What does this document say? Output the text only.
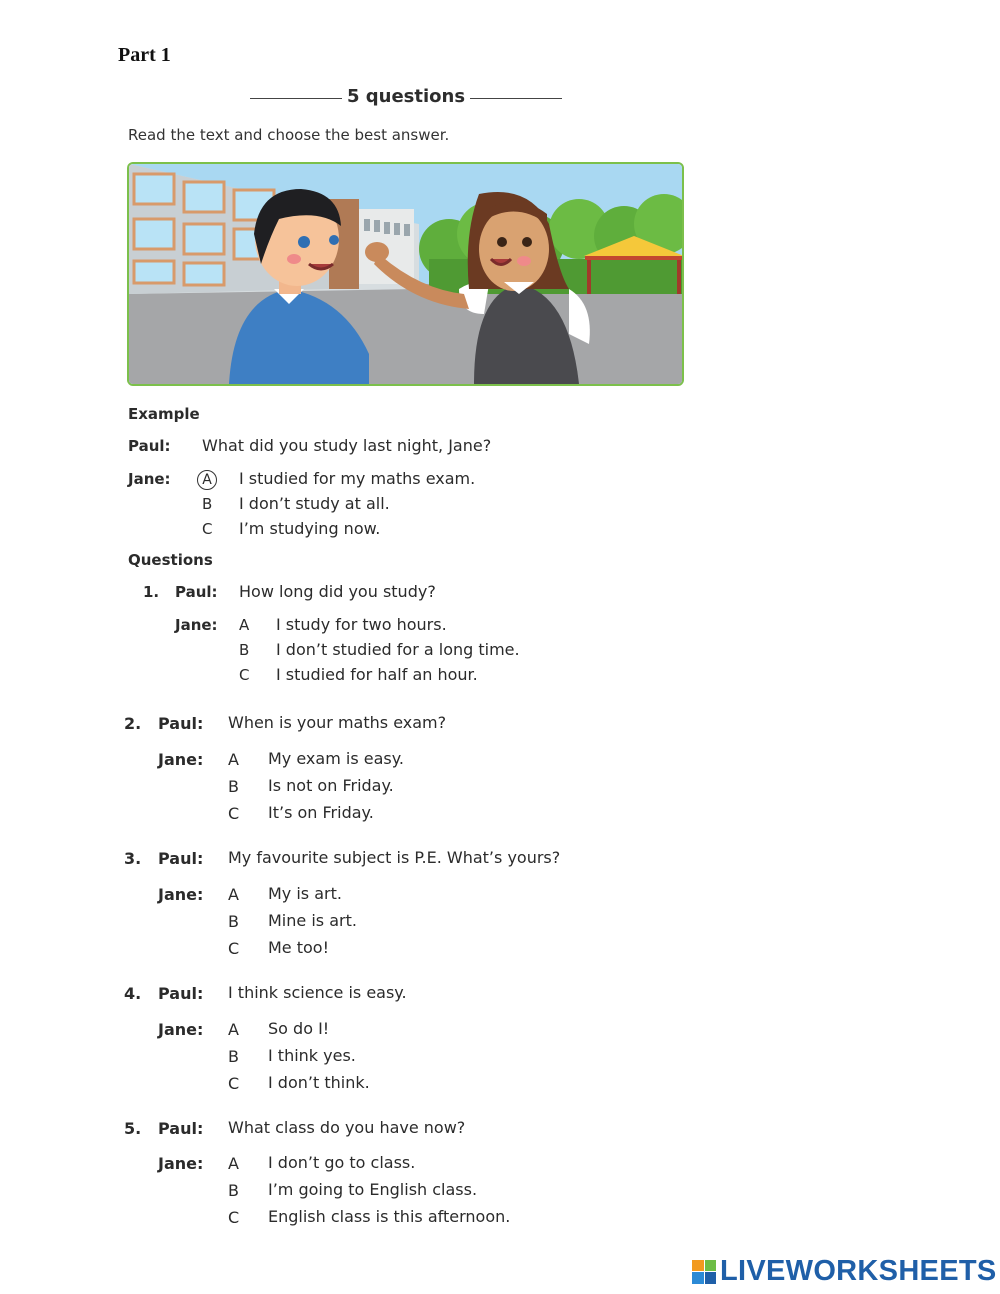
Part 1
5 questions
Read the text and choose the best answer.
Example
Paul: What did you study last night, Jane?
Jane:	A	I studied for my maths exam.
B I don’t study at all.
C I’m studying now.
Questions
1. Paul: How long did you study?
Jane: A I study for two hours.
B I don’t studied for a long time.
C I studied for half an hour.
2. Paul: When is your maths exam?
Jane: A My exam is easy.
B Is not on Friday.
C It’s on Friday.
3. Paul: My favourite subject is P.E. What’s yours?
Jane: A My is art.
B Mine is art.
C Me too!
4. Paul: I think science is easy.
Jane: A So do I!
B I think yes.
C I don’t think.
5. Paul: What class do you have now?
Jane: A I don’t go to class.
B I’m going to English class.
C English class is this afternoon.
LIVEWORKSHEETS
